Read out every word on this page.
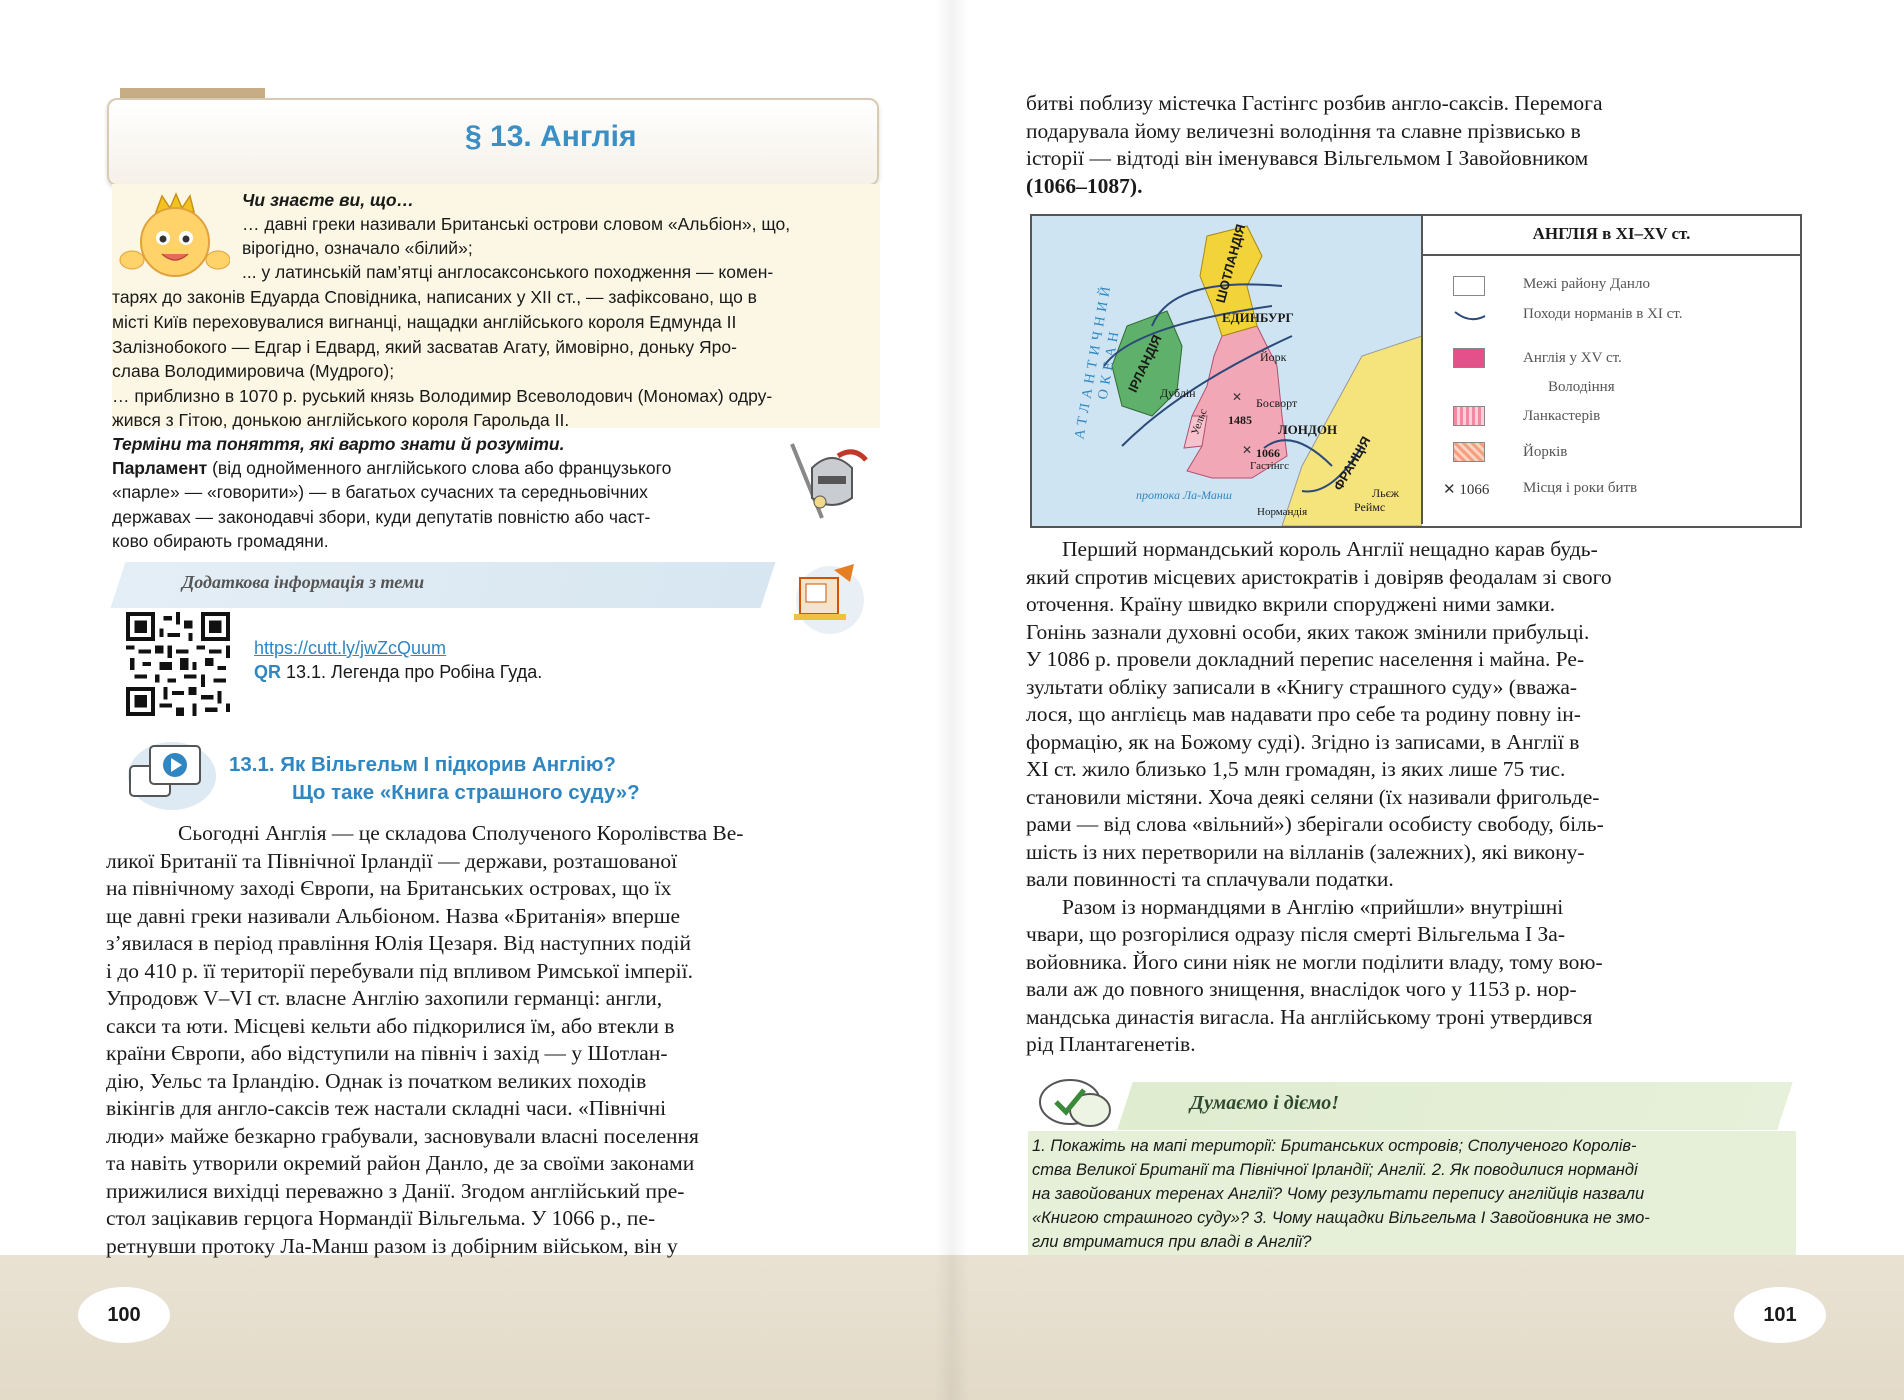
§ 13. Англія
Чи знаєте ви, що…
… давні греки називали Британські острови словом «Альбіон», що,
вірогідно, означало «білий»;
... у латинській пам’ятці англосаксонського походження — комен-
тарях до законів Едуарда Сповідника, написаних у XII ст., — зафіксовано, що в
місті Київ переховувалися вигнанці, нащадки англійського короля Едмунда II
Залізнобокого — Едгар і Едвард, який засватав Агату, ймовірно, доньку Яро-
слава Володимировича (Мудрого);
… приблизно в 1070 р. руський князь Володимир Всеволодович (Мономах) одру-
жився з Гітою, донькою англійського короля Гарольда II.
Терміни та поняття, які варто знати й розуміти.
Парламент (від однойменного англійського слова або французького
«парле» — «говорити») — в багатьох сучасних та середньовічних
державах — законодавчі збори, куди депутатів повністю або част-
ково обирають громадяни.
Додаткова інформація з теми
https://cutt.ly/jwZcQuum
QR 13.1. Легенда про Робіна Гуда.
13.1. Як Вільгельм І підкорив Англію?
Що таке «Книга страшного суду»?
Сьогодні Англія — це складова Сполученого Королівства Ве-
ликої Британії та Північної Ірландії — держави, розташованої
на північному заході Європи, на Британських островах, що їх
ще давні греки називали Альбіоном. Назва «Британія» вперше
з’явилася в період правління Юлія Цезаря. Від наступних подій
і до 410 р. її території перебували під впливом Римської імперії.
Упродовж V–VI ст. власне Англію захопили германці: англи,
сакси та юти. Місцеві кельти або підкорилися їм, або втекли в
країни Європи, або відступили на північ і захід — у Шотлан-
дію, Уельс та Ірландію. Однак із початком великих походів
вікінгів для англо-саксів теж настали складні часи. «Північні
люди» майже безкарно грабували, засновували власні поселення
та навіть утворили окремий район Данло, де за своїми законами
прижилися вихідці переважно з Данії. Згодом англійський пре-
стол зацікавив герцога Нормандії Вільгельма. У 1066 р., пе-
ретнувши протоку Ла-Манш разом із добірним військом, він у
100
битві поблизу містечка Гастінгс розбив англо-саксів. Перемога
подарувала йому величезні володіння та славне прізвисько в
історії — відтоді він іменувався Вільгельмом І Завойовником
(1066–1087).
✕
✕
АТЛАНТИЧНИЙ ОКЕАН
ШОТЛАНДІЯ
ІРЛАНДІЯ
ЕДИНБУРГ
Йорк
Дублін
Босворт
1485
Уельс	ЛОНДОН
1066
Гастінгс	ФРАНЦІЯ
протока Ла-Манш
Нормандія
Льєж
Реймс
АНГЛІЯ в XI–XV ст.
Межі району Данло
Походи норманів в XI ст.
Англія у XV ст.
Володіння
Ланкастерів
Йорків
✕ 1066 Місця і роки битв
Перший нормандський король Англії нещадно карав будь-
який спротив місцевих аристократів і довіряв феодалам зі свого
оточення. Країну швидко вкрили споруджені ними замки.
Гонінь зазнали духовні особи, яких також змінили прибульці.
У 1086 р. провели докладний перепис населення і майна. Ре-
зультати обліку записали в «Книгу страшного суду» (вважа-
лося, що англієць мав надавати про себе та родину повну ін-
формацію, як на Божому суді). Згідно із записами, в Англії в
XI ст. жило близько 1,5 млн громадян, із яких лише 75 тис.
становили містяни. Хоча деякі селяни (їх називали фригольде-
рами — від слова «вільний») зберігали особисту свободу, біль-
шість із них перетворили на вілланів (залежних), які викону-
вали повинності та сплачували податки.
Разом із нормандцями в Англію «прийшли» внутрішні
чвари, що розгорілися одразу після смерті Вільгельма І За-
войовника. Його сини ніяк не могли поділити владу, тому вою-
вали аж до повного знищення, внаслідок чого у 1153 р. нор-
мандська династія вигасла. На англійському троні утвердився
рід Плантагенетів.
Думаємо і діємо!
1. Покажіть на мапі території: Британських островів; Сполученого Королів-
ства Великої Британії та Північної Ірландії; Англії. 2. Як поводилися норманді
на завойованих теренах Англії? Чому результати перепису англійців назвали
«Книгою страшного суду»? 3. Чому нащадки Вільгельма І Завойовника не змо-
гли втриматися при владі в Англії?
101
